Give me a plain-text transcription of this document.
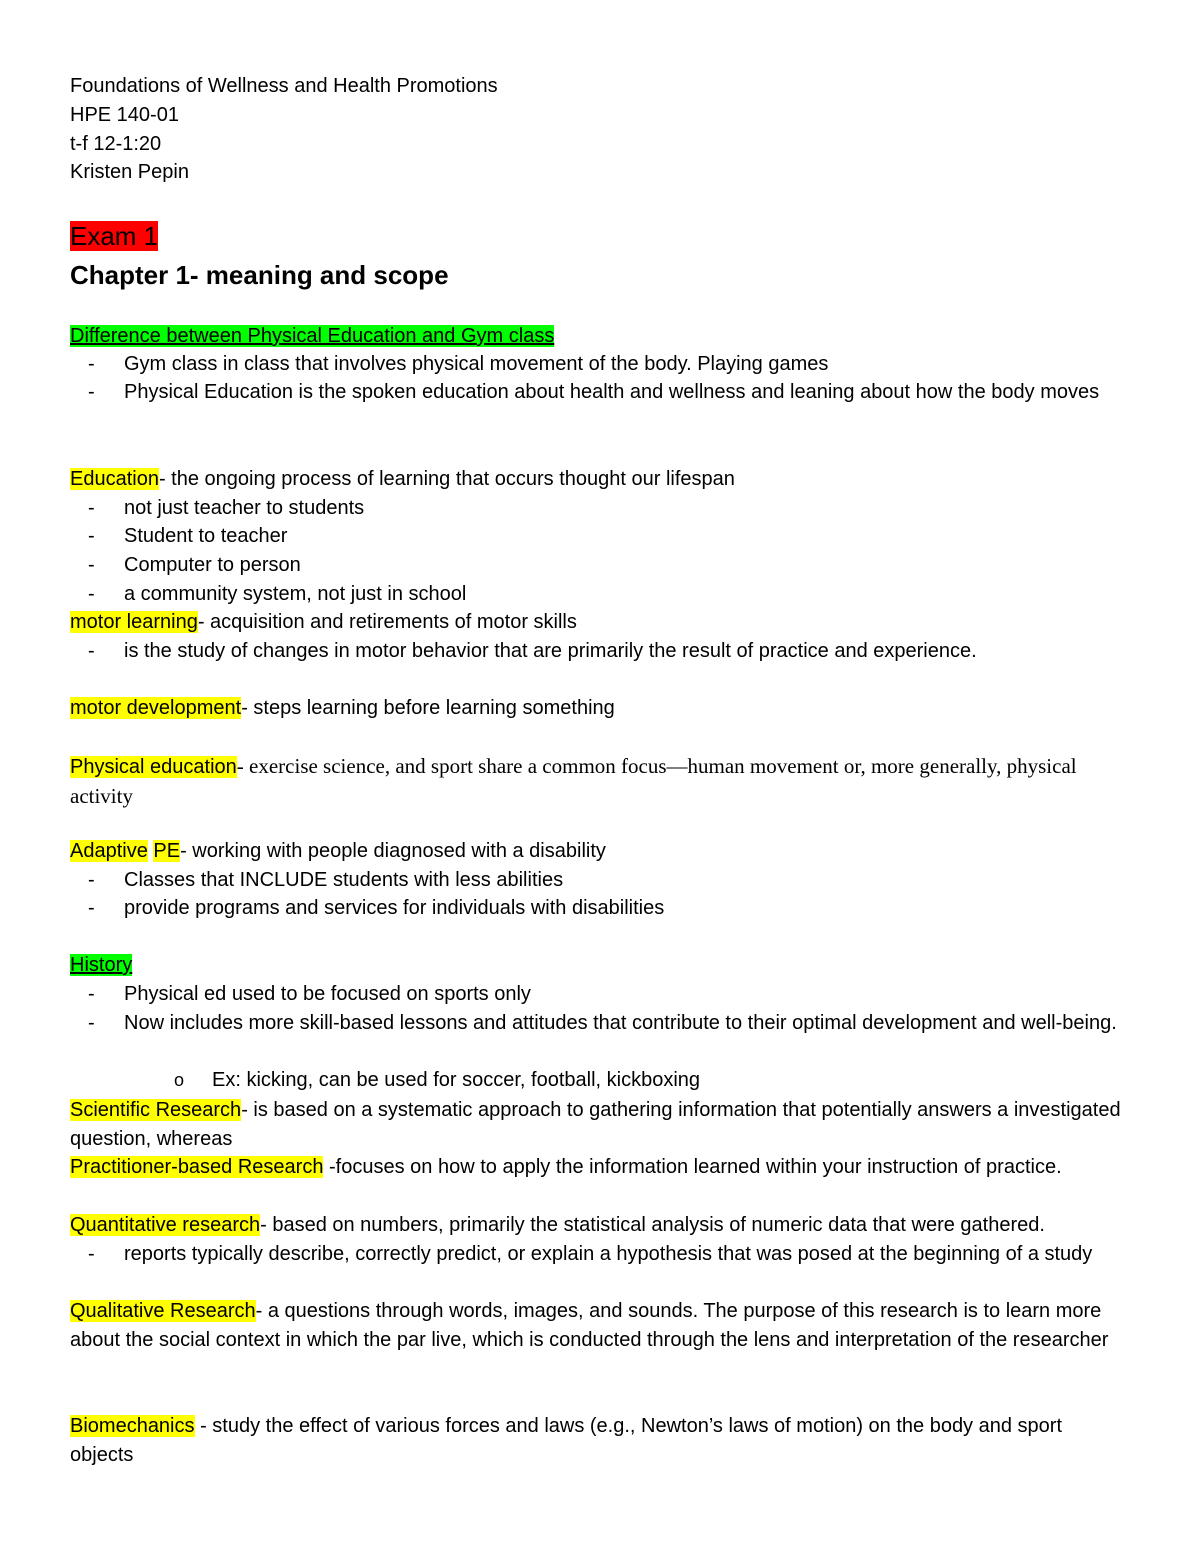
Foundations of Wellness and Health Promotions
HPE 140-01
t-f 12-1:20
Kristen Pepin
Exam 1
Chapter 1- meaning and scope
Difference between Physical Education and Gym class
- Gym class in class that involves physical movement of the body. Playing games
- Physical Education is the spoken education about health and wellness and leaning about how the body moves
Education- the ongoing process of learning that occurs thought our lifespan
- not just teacher to students
- Student to teacher
- Computer to person
- a community system, not just in school
motor learning- acquisition and retirements of motor skills
- is the study of changes in motor behavior that are primarily the result of practice and experience.
motor development- steps learning before learning something
Physical education- exercise science, and sport share a common focus—human movement or, more generally, physical activity
Adaptive PE- working with people diagnosed with a disability
- Classes that INCLUDE students with less abilities
- provide programs and services for individuals with disabilities
History
- Physical ed used to be focused on sports only
- Now includes more skill-based lessons and attitudes that contribute to their optimal development and well-being.
o Ex: kicking, can be used for soccer, football, kickboxing
Scientific Research- is based on a systematic approach to gathering information that potentially answers a investigated question, whereas
Practitioner-based Research -focuses on how to apply the information learned within your instruction of practice.
Quantitative research- based on numbers, primarily the statistical analysis of numeric data that were gathered.
- reports typically describe, correctly predict, or explain a hypothesis that was posed at the beginning of a study
Qualitative Research- a questions through words, images, and sounds. The purpose of this research is to learn more about the social context in which the par live, which is conducted through the lens and interpretation of the researcher
Biomechanics - study the effect of various forces and laws (e.g., Newton’s laws of motion) on the body and sport objects
